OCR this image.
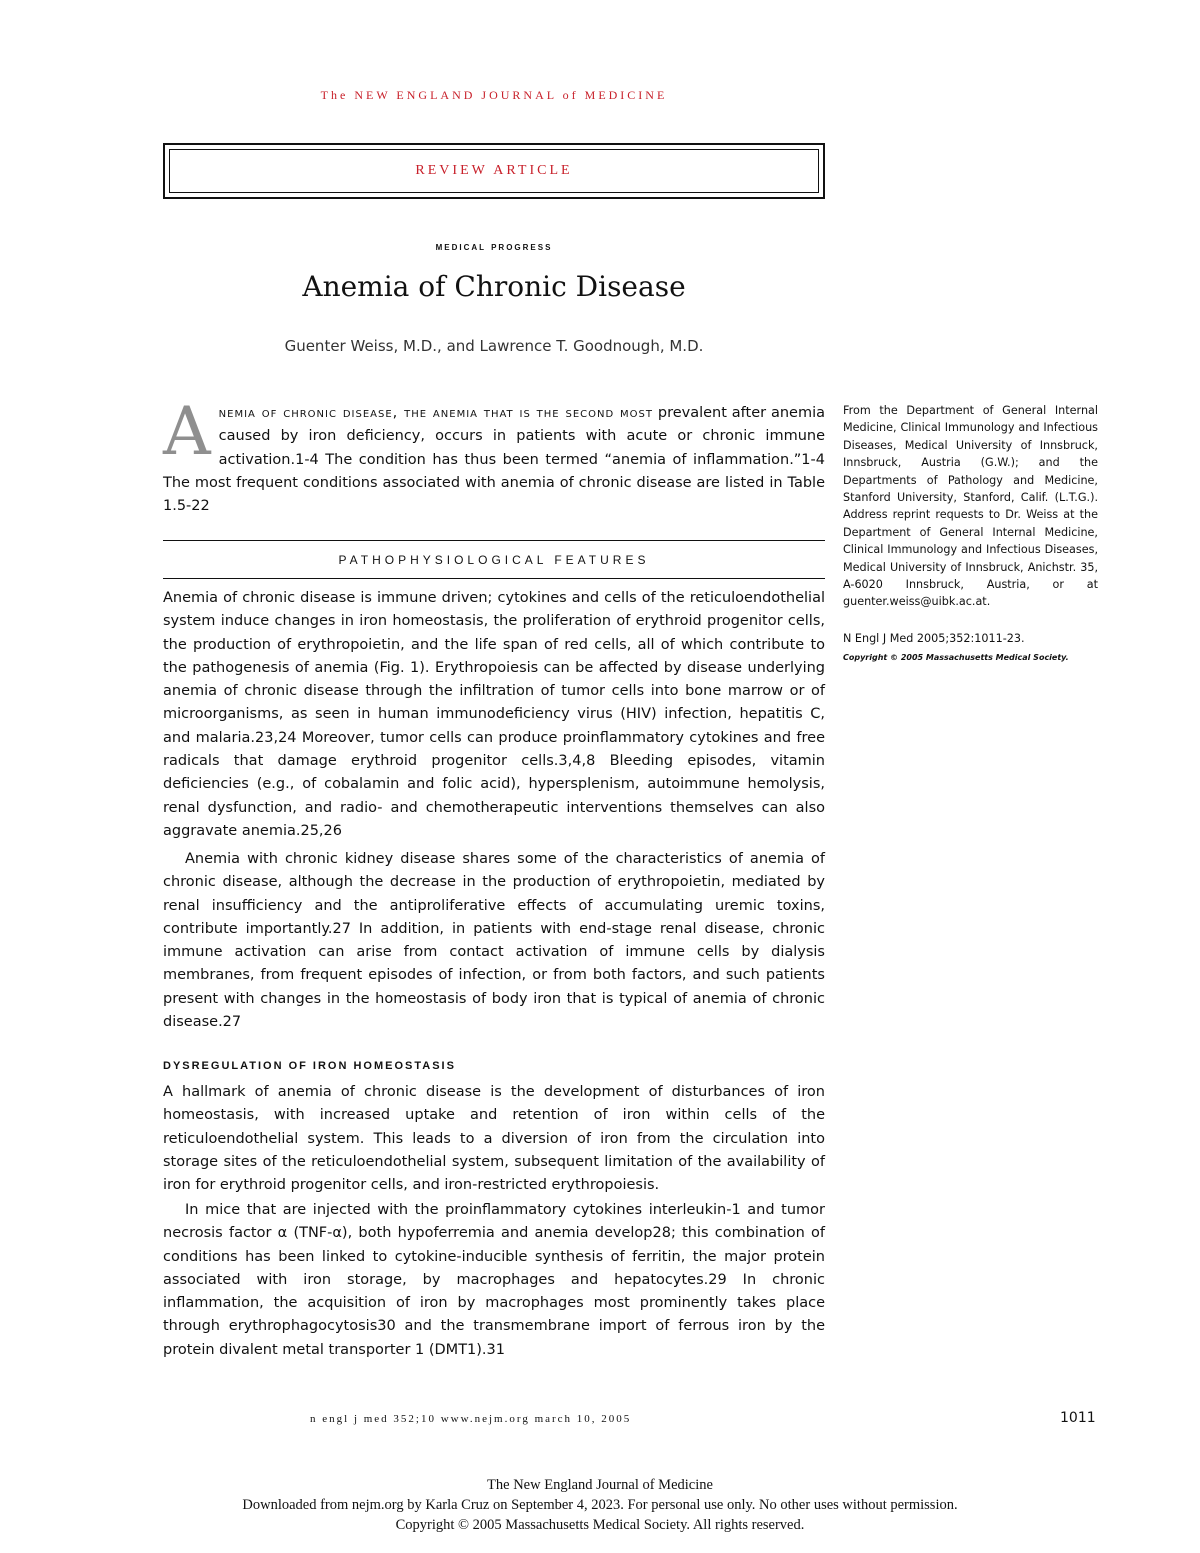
The NEW ENGLAND JOURNAL of MEDICINE
REVIEW ARTICLE
medical progress
Anemia of Chronic Disease
Guenter Weiss, M.D., and Lawrence T. Goodnough, M.D.
A nemia of chronic disease, the anemia that is the second most prevalent after anemia caused by iron deficiency, occurs in patients with acute or chronic immune activation.1-4 The condition has thus been termed “anemia of inflammation.”1-4 The most frequent conditions associated with anemia of chronic disease are listed in Table 1.5-22
PATHOPHYSIOLOGICAL FEATURES

Anemia of chronic disease is immune driven; cytokines and cells of the reticuloendothelial system induce changes in iron homeostasis, the proliferation of erythroid progenitor cells, the production of erythropoietin, and the life span of red cells, all of which contribute to the pathogenesis of anemia (Fig. 1). Erythropoiesis can be affected by disease underlying anemia of chronic disease through the infiltration of tumor cells into bone marrow or of microorganisms, as seen in human immunodeficiency virus (HIV) infection, hepatitis C, and malaria.23,24 Moreover, tumor cells can produce proinflammatory cytokines and free radicals that damage erythroid progenitor cells.3,4,8 Bleeding episodes, vitamin deficiencies (e.g., of cobalamin and folic acid), hypersplenism, autoimmune hemolysis, renal dysfunction, and radio- and chemotherapeutic interventions themselves can also aggravate anemia.25,26

Anemia with chronic kidney disease shares some of the characteristics of anemia of chronic disease, although the decrease in the production of erythropoietin, mediated by renal insufficiency and the antiproliferative effects of accumulating uremic toxins, contribute importantly.27 In addition, in patients with end-stage renal disease, chronic immune activation can arise from contact activation of immune cells by dialysis membranes, from frequent episodes of infection, or from both factors, and such patients present with changes in the homeostasis of body iron that is typical of anemia of chronic disease.27

DYSREGULATION OF IRON HOMEOSTASIS

A hallmark of anemia of chronic disease is the development of disturbances of iron homeostasis, with increased uptake and retention of iron within cells of the reticuloendothelial system. This leads to a diversion of iron from the circulation into storage sites of the reticuloendothelial system, subsequent limitation of the availability of iron for erythroid progenitor cells, and iron-restricted erythropoiesis.

In mice that are injected with the proinflammatory cytokines interleukin-1 and tumor necrosis factor α (TNF-α), both hypoferremia and anemia develop28; this combination of conditions has been linked to cytokine-inducible synthesis of ferritin, the major protein associated with iron storage, by macrophages and hepatocytes.29 In chronic inflammation, the acquisition of iron by macrophages most prominently takes place through erythrophagocytosis30 and the transmembrane import of ferrous iron by the protein divalent metal transporter 1 (DMT1).31

From the Department of General Internal Medicine, Clinical Immunology and Infectious Diseases, Medical University of Innsbruck, Innsbruck, Austria (G.W.); and the Departments of Pathology and Medicine, Stanford University, Stanford, Calif. (L.T.G.). Address reprint requests to Dr. Weiss at the Department of General Internal Medicine, Clinical Immunology and Infectious Diseases, Medical University of Innsbruck, Anichstr. 35, A-6020 Innsbruck, Austria, or at guenter.weiss@uibk.ac.at.
N Engl J Med 2005;352:1011-23.
Copyright © 2005 Massachusetts Medical Society.
n engl j med 352;10 www.nejm.org march 10, 2005	1011
The New England Journal of Medicine
Downloaded from nejm.org by Karla Cruz on September 4, 2023. For personal use only. No other uses without permission.
Copyright © 2005 Massachusetts Medical Society. All rights reserved.
